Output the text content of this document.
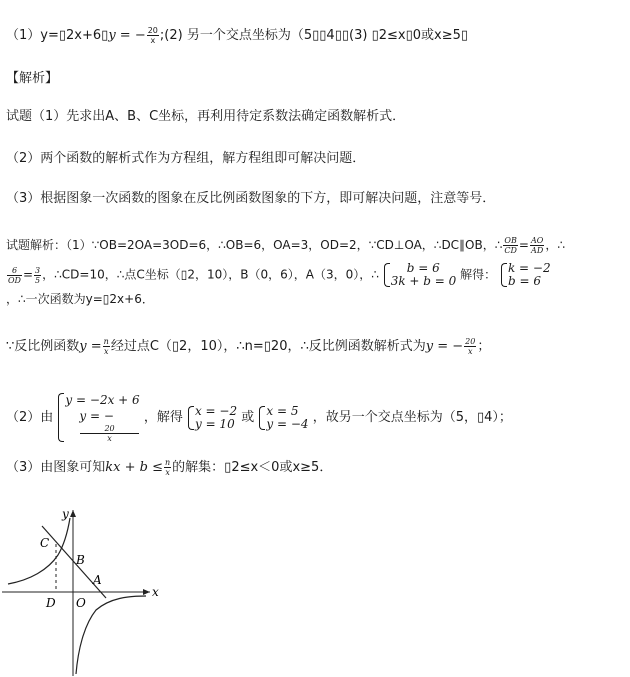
（1）y=▯2x+6▯y = − $\frac{20}{x}$ ;(2) 另一个交点坐标为（5▯▯4▯▯(3) ▯2≤x▯0或x≥5▯
【解析】
试题（1）先求出A、B、C坐标，再利用待定系数法确定函数解析式．
（2）两个函数的解析式作为方程组，解方程组即可解决问题．
（3）根据图象一次函数的图象在反比例函数图象的下方，即可解决问题，注意等号．
试题解析：（1）∵OB=2OA=3OD=6，∴OB=6，OA=3，OD=2，∵CD⊥OA，∴DC∥OB，∴ $\frac{OB}{CD} = \frac{AO}{AD}$ ，∴
$\frac{6}{OD} = \frac{3}{5}$ ，∴CD=10，∴点C坐标（▯2，10），B（0，6），A（3，0），∴	b = 6
3k + b = 0 解得： k = −2
b = 6
，∴一次函数为y=▯2x+6．
∵反比例函数$y = \frac{n}{x}$ 经过点C（▯2，10），∴n=▯20，∴反比例函数解析式为y = − $\frac{20}{x}$ ；
（2）由
y = −2x + 6
y = −
20
x
，解得 x = −2
y = 10 或 x = 5
y = −4 ，故另一个交点坐标为（5，▯4）；
（3）由图象可知kx + $b \le \frac{n}{x}$ 的解集：▯2≤x＜0或x≥5．
y
x
C
B
A
D O
